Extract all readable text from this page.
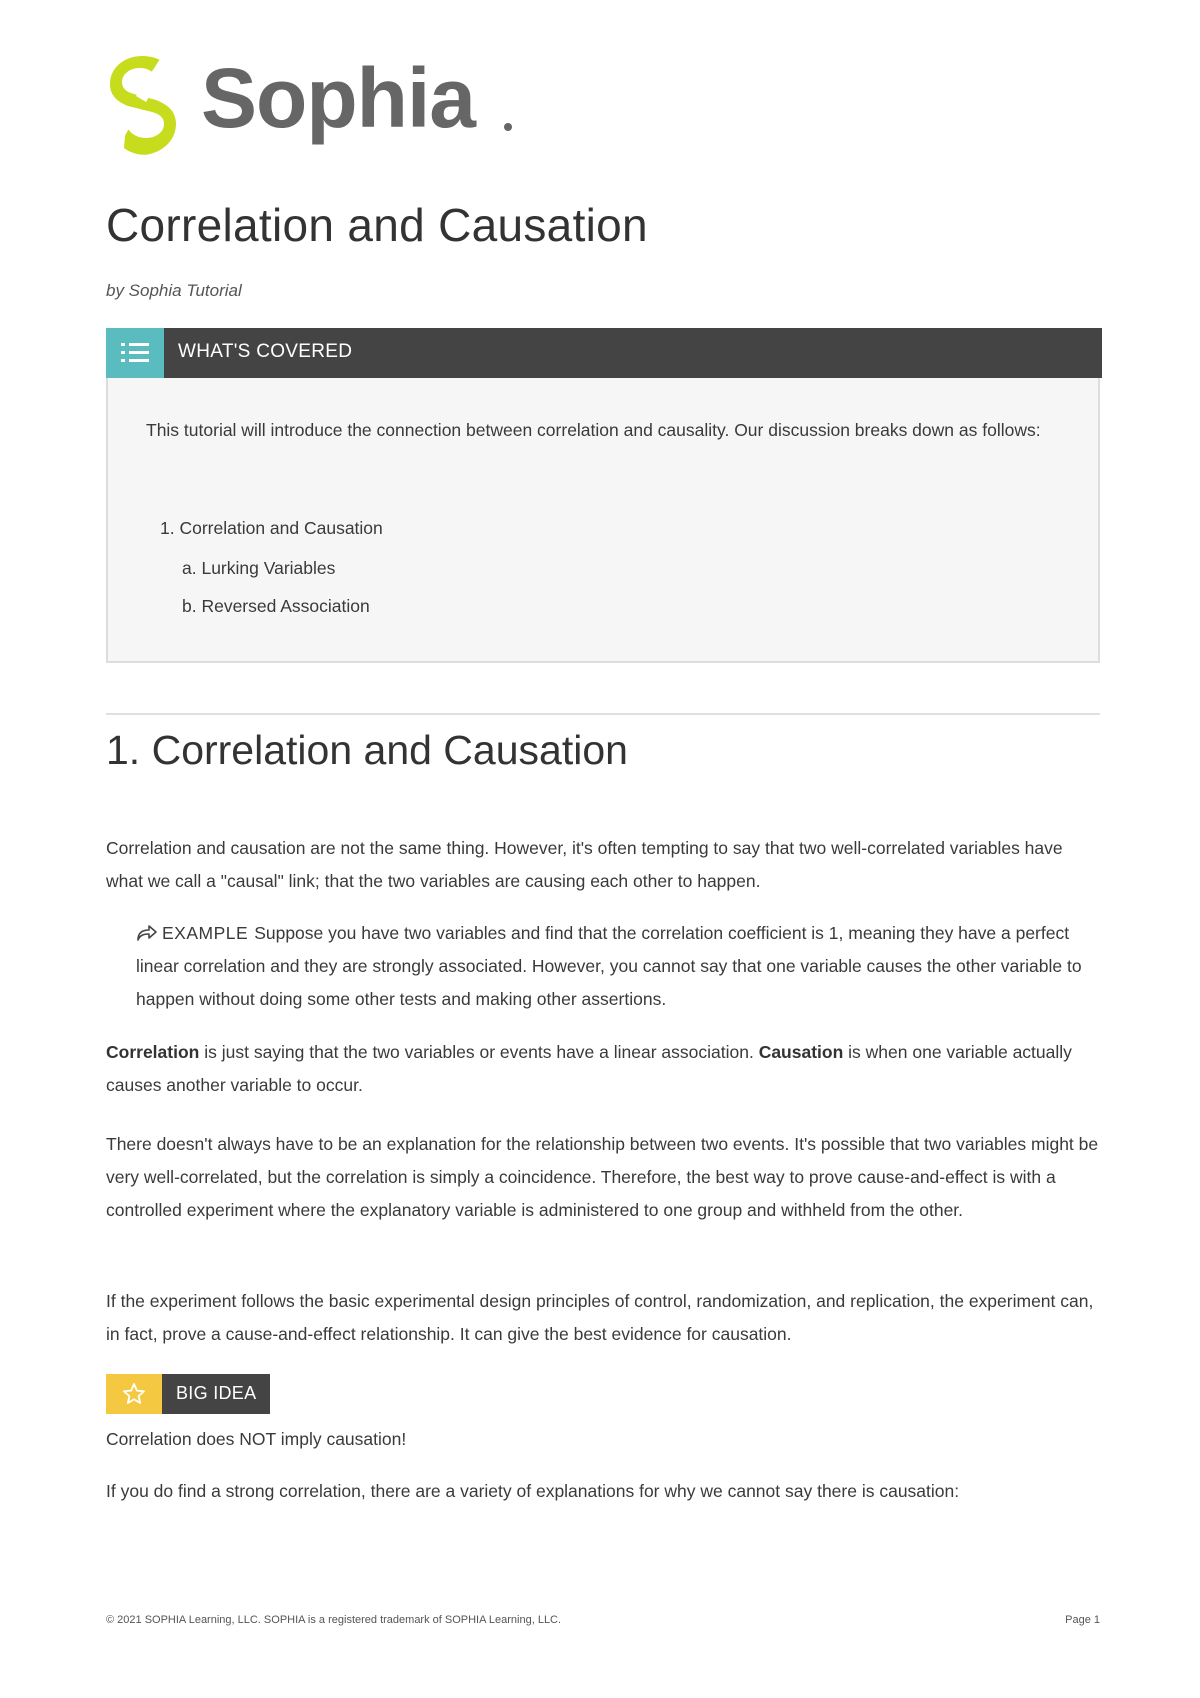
Sophia
Correlation and Causation
by Sophia Tutorial
WHAT'S COVERED
This tutorial will introduce the connection between correlation and causality. Our discussion breaks down as follows:
1. Correlation and Causation
a. Lurking Variables
b. Reversed Association
1. Correlation and Causation

Correlation and causation are not the same thing. However, it's often tempting to say that two well-correlated variables have what we call a "causal" link; that the two variables are causing each other to happen.

EXAMPLE Suppose you have two variables and find that the correlation coefficient is 1, meaning they have a perfect linear correlation and they are strongly associated. However, you cannot say that one variable causes the other variable to happen without doing some other tests and making other assertions.

Correlation is just saying that the two variables or events have a linear association. Causation is when one variable actually causes another variable to occur.

There doesn't always have to be an explanation for the relationship between two events. It's possible that two variables might be very well-correlated, but the correlation is simply a coincidence. Therefore, the best way to prove cause-and-effect is with a controlled experiment where the explanatory variable is administered to one group and withheld from the other.

If the experiment follows the basic experimental design principles of control, randomization, and replication, the experiment can, in fact, prove a cause-and-effect relationship. It can give the best evidence for causation.

BIG IDEA

Correlation does NOT imply causation!

If you do find a strong correlation, there are a variety of explanations for why we cannot say there is causation:

© 2021 SOPHIA Learning, LLC. SOPHIA is a registered trademark of SOPHIA Learning, LLC.	Page 1
